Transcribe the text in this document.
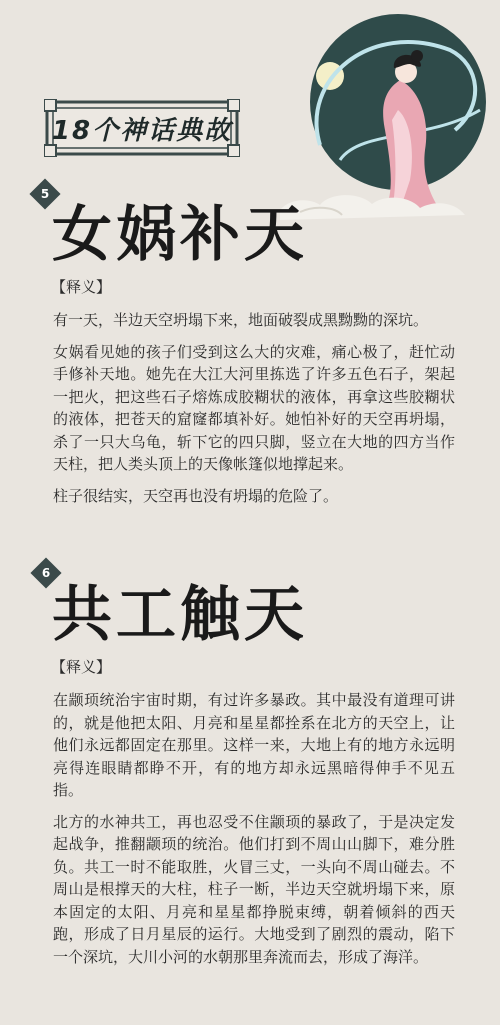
18个神话典故
5
女娲补天
【释义】

有一天，半边天空坍塌下来，地面破裂成黑黝黝的深坑。

女娲看见她的孩子们受到这么大的灾难，痛心极了，赶忙动手修补天地。她先在大江大河里拣选了许多五色石子，架起一把火，把这些石子熔炼成胶糊状的液体，再拿这些胶糊状的液体，把苍天的窟窿都填补好。她怕补好的天空再坍塌，杀了一只大乌龟，斩下它的四只脚，竖立在大地的四方当作天柱，把人类头顶上的天像帐篷似地撑起来。

柱子很结实，天空再也没有坍塌的危险了。

6
共工触天
【释义】

在颛顼统治宇宙时期，有过许多暴政。其中最没有道理可讲的，就是他把太阳、月亮和星星都拴系在北方的天空上，让他们永远都固定在那里。这样一来，大地上有的地方永远明亮得连眼睛都睁不开，有的地方却永远黑暗得伸手不见五指。

北方的水神共工，再也忍受不住颛顼的暴政了，于是决定发起战争，推翻颛顼的统治。他们打到不周山山脚下，难分胜负。共工一时不能取胜，火冒三丈，一头向不周山碰去。不周山是根撑天的大柱，柱子一断，半边天空就坍塌下来，原本固定的太阳、月亮和星星都挣脱束缚，朝着倾斜的西天跑，形成了日月星辰的运行。大地受到了剧烈的震动，陷下一个深坑，大川小河的水朝那里奔流而去，形成了海洋。
